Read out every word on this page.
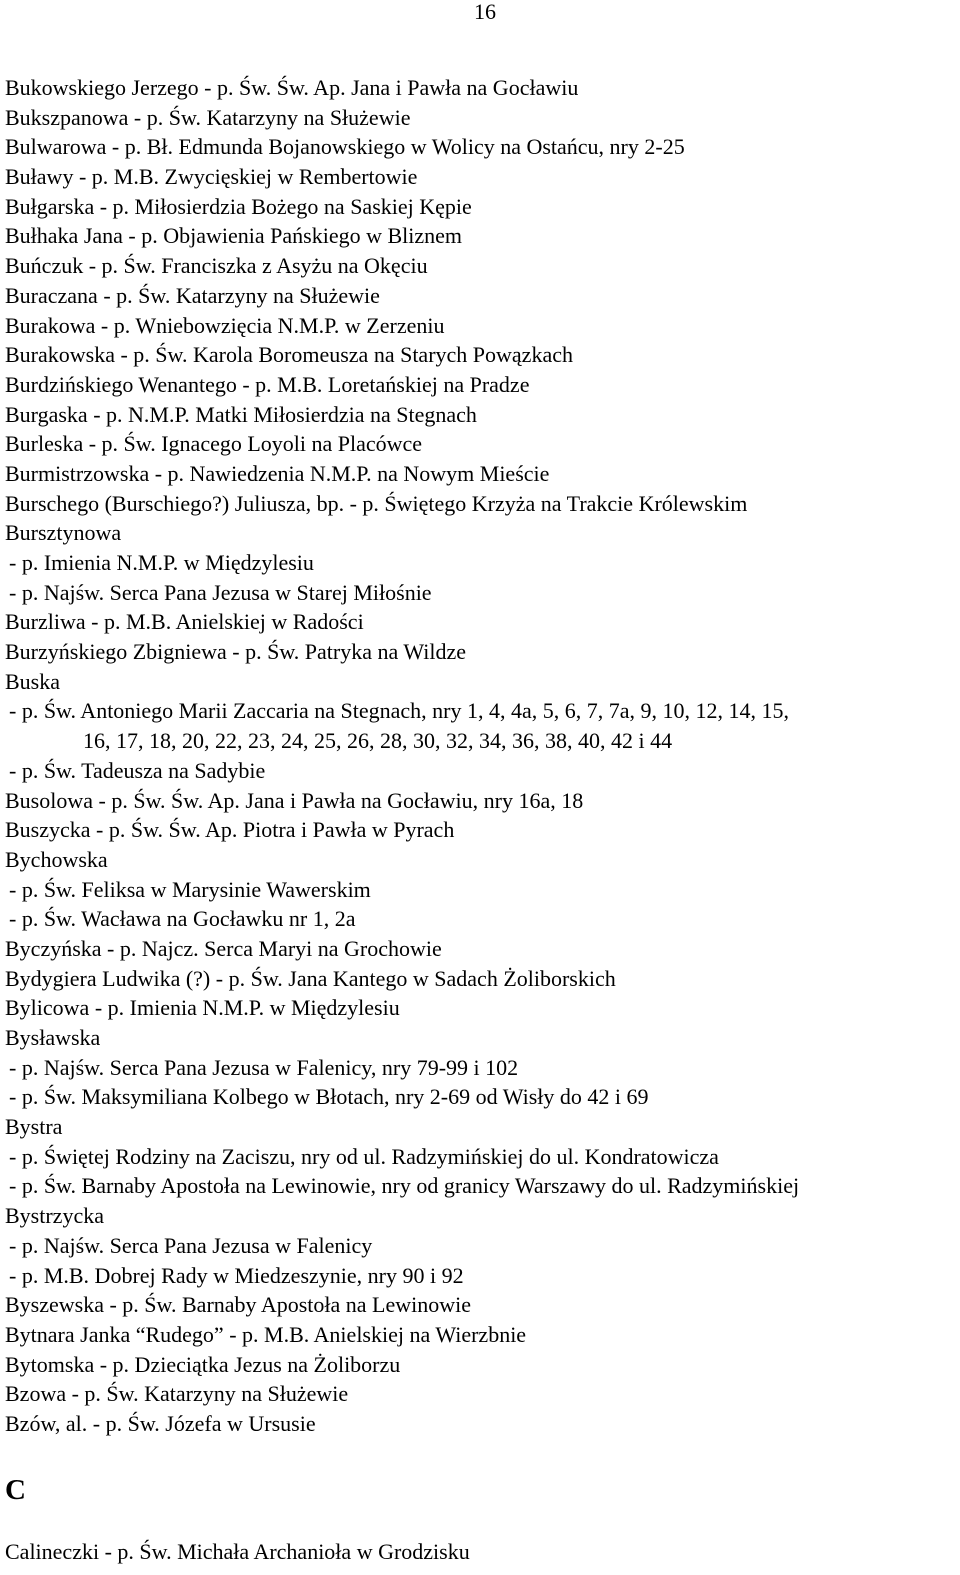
16
Bukowskiego Jerzego - p. Św. Św. Ap. Jana i Pawła na Gocławiu
Bukszpanowa - p. Św. Katarzyny na Służewie
Bulwarowa - p. Bł. Edmunda Bojanowskiego w Wolicy na Ostańcu, nry 2-25
Buławy - p. M.B. Zwycięskiej w Rembertowie
Bułgarska - p. Miłosierdzia Bożego na Saskiej Kępie
Bułhaka Jana - p. Objawienia Pańskiego w Bliznem
Buńczuk - p. Św. Franciszka z Asyżu na Okęciu
Buraczana - p. Św. Katarzyny na Służewie
Burakowa - p. Wniebowzięcia N.M.P. w Zerzeniu
Burakowska - p. Św. Karola Boromeusza na Starych Powązkach
Burdzińskiego Wenantego - p. M.B. Loretańskiej na Pradze
Burgaska - p. N.M.P. Matki Miłosierdzia na Stegnach
Burleska - p. Św. Ignacego Loyoli na Placówce
Burmistrzowska - p. Nawiedzenia N.M.P. na Nowym Mieście
Burschego (Burschiego?) Juliusza, bp. - p. Świętego Krzyża na Trakcie Królewskim
Bursztynowa
- p. Imienia N.M.P. w Międzylesiu
- p. Najśw. Serca Pana Jezusa w Starej Miłośnie
Burzliwa - p. M.B. Anielskiej w Radości
Burzyńskiego Zbigniewa - p. Św. Patryka na Wildze
Buska
- p. Św. Antoniego Marii Zaccaria na Stegnach, nry 1, 4, 4a, 5, 6, 7, 7a, 9, 10, 12, 14, 15,
16, 17, 18, 20, 22, 23, 24, 25, 26, 28, 30, 32, 34, 36, 38, 40, 42 i 44
- p. Św. Tadeusza na Sadybie
Busolowa - p. Św. Św. Ap. Jana i Pawła na Gocławiu, nry 16a, 18
Buszycka - p. Św. Św. Ap. Piotra i Pawła w Pyrach
Bychowska
- p. Św. Feliksa w Marysinie Wawerskim
- p. Św. Wacława na Gocławku nr 1, 2a
Byczyńska - p. Najcz. Serca Maryi na Grochowie
Bydygiera Ludwika (?) - p. Św. Jana Kantego w Sadach Żoliborskich
Bylicowa - p. Imienia N.M.P. w Międzylesiu
Bysławska
- p. Najśw. Serca Pana Jezusa w Falenicy, nry 79-99 i 102
- p. Św. Maksymiliana Kolbego w Błotach, nry 2-69 od Wisły do 42 i 69
Bystra
- p. Świętej Rodziny na Zaciszu, nry od ul. Radzymińskiej do ul. Kondratowicza
- p. Św. Barnaby Apostoła na Lewinowie, nry od granicy Warszawy do ul. Radzymińskiej
Bystrzycka
- p. Najśw. Serca Pana Jezusa w Falenicy
- p. M.B. Dobrej Rady w Miedzeszynie, nry 90 i 92
Byszewska - p. Św. Barnaby Apostoła na Lewinowie
Bytnara Janka “Rudego” - p. M.B. Anielskiej na Wierzbnie
Bytomska - p. Dzieciątka Jezus na Żoliborzu
Bzowa - p. Św. Katarzyny na Służewie
Bzów, al. - p. Św. Józefa w Ursusie
C
Calineczki - p. Św. Michała Archanioła w Grodzisku
